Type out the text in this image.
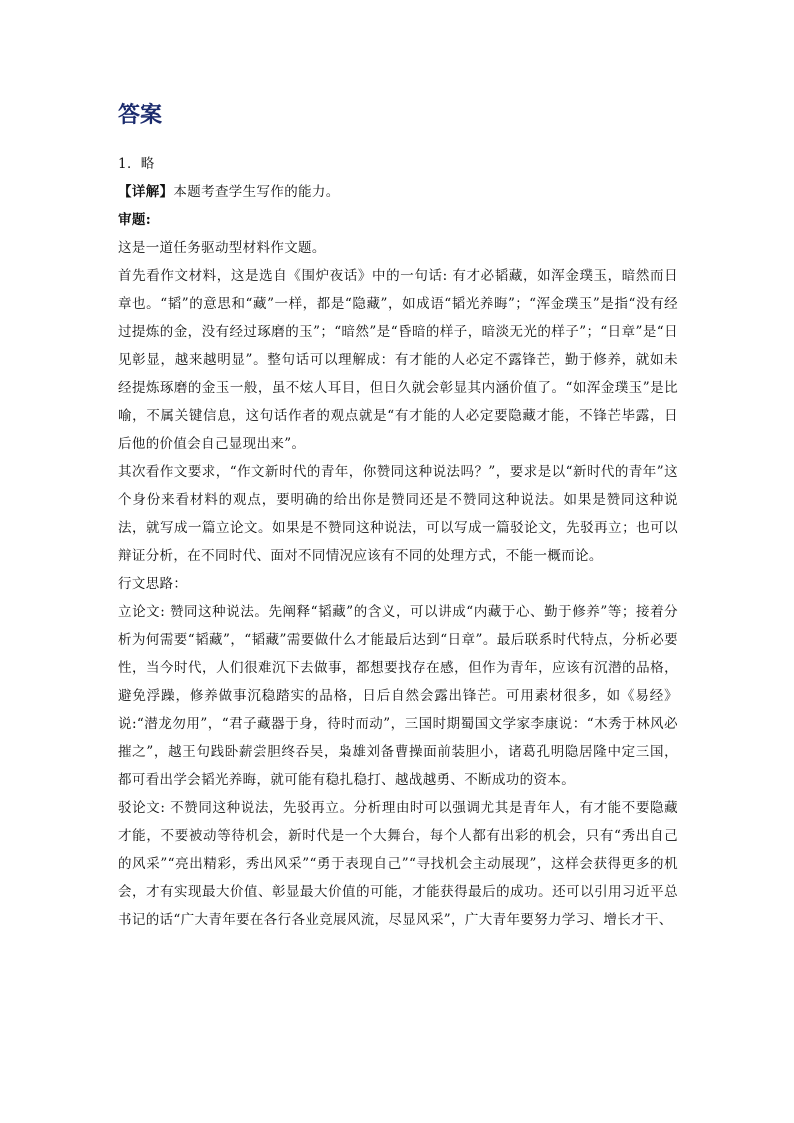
答案

1．略

【详解】本题考查学生写作的能力。

审题:

这是一道任务驱动型材料作文题。

首先看作文材料，这是选自《围炉夜话》中的一句话: 有才必韬藏，如浑金璞玉，暗然而日章也。“韬”的意思和“藏”一样，都是“隐藏”，如成语“韬光养晦”；“浑金璞玉”是指“没有经过提炼的金，没有经过琢磨的玉”；“暗然”是“昏暗的样子，暗淡无光的样子”；“日章”是“日见彰显，越来越明显”。整句话可以理解成：有才能的人必定不露锋芒，勤于修养，就如未经提炼琢磨的金玉一般，虽不炫人耳目，但日久就会彰显其内涵价值了。“如浑金璞玉”是比喻，不属关键信息，这句话作者的观点就是“有才能的人必定要隐藏才能，不锋芒毕露，日后他的价值会自己显现出来”。

其次看作文要求，“作文新时代的青年，你赞同这种说法吗？”，要求是以“新时代的青年”这个身份来看材料的观点，要明确的给出你是赞同还是不赞同这种说法。如果是赞同这种说法，就写成一篇立论文。如果是不赞同这种说法，可以写成一篇驳论文，先驳再立；也可以辩证分析，在不同时代、面对不同情况应该有不同的处理方式，不能一概而论。

行文思路：

立论文: 赞同这种说法。先阐释“韬藏”的含义，可以讲成“内藏于心、勤于修养”等；接着分析为何需要“韬藏”，“韬藏”需要做什么才能最后达到“日章”。最后联系时代特点，分析必要性，当今时代，人们很难沉下去做事，都想要找存在感，但作为青年，应该有沉潜的品格，避免浮躁，修养做事沉稳踏实的品格，日后自然会露出锋芒。可用素材很多，如《易经》说:“潜龙勿用”，“君子藏器于身，待时而动”，三国时期蜀国文学家李康说：“木秀于林风必摧之”，越王句践卧薪尝胆终吞吴，枭雄刘备曹操面前装胆小，诸葛孔明隐居隆中定三国，都可看出学会韬光养晦，就可能有稳扎稳打、越战越勇、不断成功的资本。

驳论文: 不赞同这种说法，先驳再立。分析理由时可以强调尤其是青年人，有才能不要隐藏才能，不要被动等待机会，新时代是一个大舞台，每个人都有出彩的机会，只有“秀出自己的风采”“亮出精彩，秀出风采”“勇于表现自己”“寻找机会主动展现”，这样会获得更多的机会，才有实现最大价值、彰显最大价值的可能，才能获得最后的成功。还可以引用习近平总书记的话“广大青年要在各行各业竞展风流，尽显风采”，广大青年要努力学习、增长才干、
